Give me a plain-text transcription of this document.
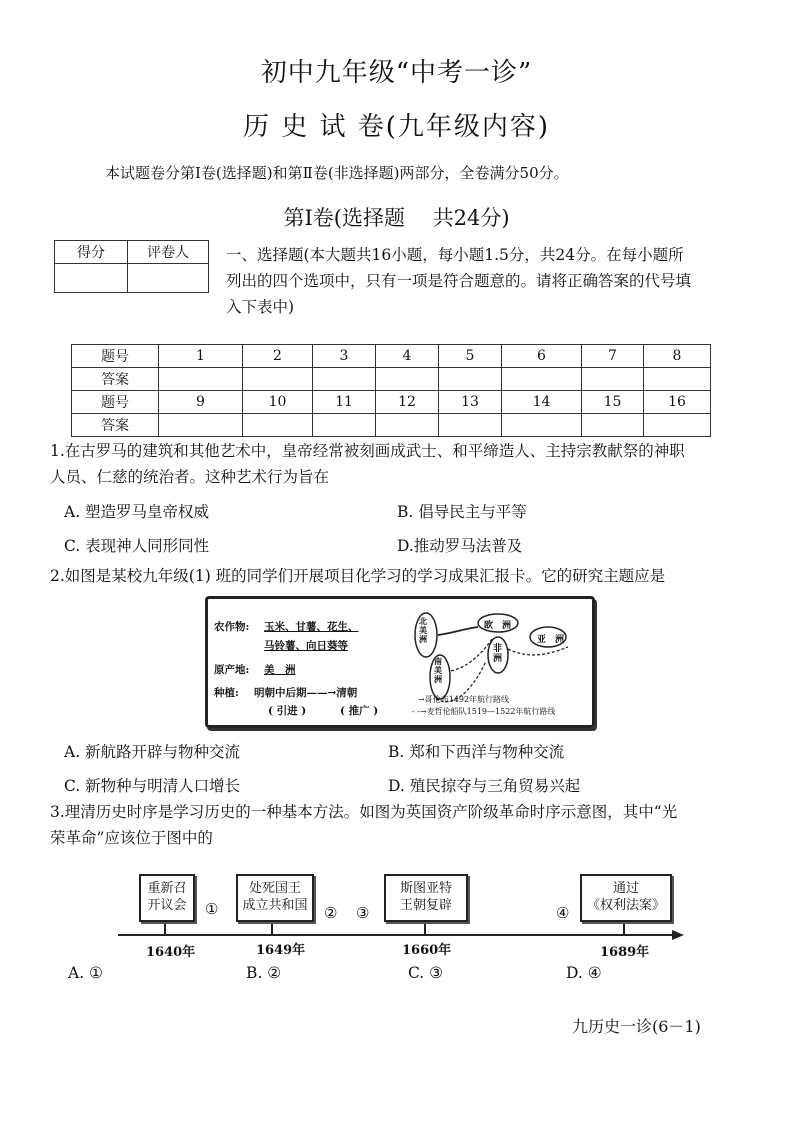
初中九年级“中考一诊”
历 史 试 卷(九年级内容)
本试题卷分第Ⅰ卷(选择题)和第Ⅱ卷(非选择题)两部分，全卷满分50分。
第Ⅰ卷(选择题　 共24分)
得分	评卷人
	一、选择题(本大题共16小题，每小题1.5分，共24分。在每小题所
列出的四个选项中，只有一项是符合题意的。请将正确答案的代号填
入下表中)
题号	1	2	3	4	5	6	7	8
答案								
题号	9	10	11	12	13	14	15	16
答案								
1.在古罗马的建筑和其他艺术中，皇帝经常被刻画成武士、和平缔造人、主持宗教献祭的神职
人员、仁慈的统治者。这种艺术行为旨在
A. 塑造罗马皇帝权威	B. 倡导民主与平等
C. 表现神人同形同性	D.推动罗马法普及
2.如图是某校九年级(1) 班的同学们开展项目化学习的学习成果汇报卡。它的研究主题应是
农作物: 玉米、甘薯、花生、
马铃薯、向日葵等
原产地: 美　洲
种植: 明朝中后期——→清朝
( 引进 )	( 推广 )
北美洲
南美洲
欧　洲
非洲
亚　洲
→哥伦布1492年航行路线
- ‑→麦哲伦船队1519—1522年航行路线
A. 新航路开辟与物种交流	B. 郑和下西洋与物种交流
C. 新物种与明清人口增长	D. 殖民掠夺与三角贸易兴起
3.理清历史时序是学习历史的一种基本方法。如图为英国资产阶级革命时序示意图，其中“光
荣革命”应该位于图中的
重新召
开议会
处死国王
成立共和国
斯图亚特
王朝复辟
通过
《权利法案》
①	② ③	④
1640年	1649年	1660年	1689年
A. ①	B. ②	C. ③	D. ④
九历史一诊(6－1)
